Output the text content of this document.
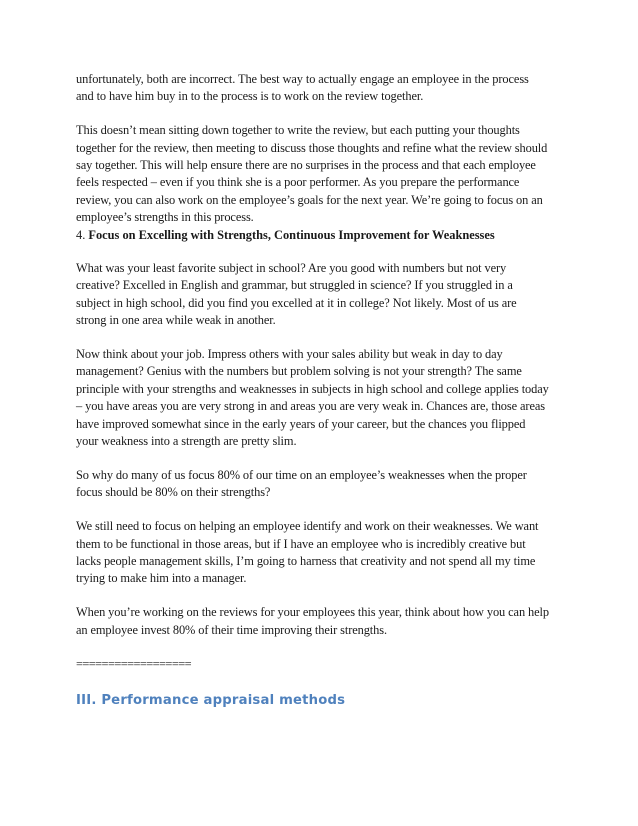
unfortunately, both are incorrect. The best way to actually engage an employee in the process
and to have him buy in to the process is to work on the review together.
This doesn’t mean sitting down together to write the review, but each putting your thoughts
together for the review, then meeting to discuss those thoughts and refine what the review should
say together. This will help ensure there are no surprises in the process and that each employee
feels respected – even if you think she is a poor performer. As you prepare the performance
review, you can also work on the employee’s goals for the next year. We’re going to focus on an
employee’s strengths in this process.
4. Focus on Excelling with Strengths, Continuous Improvement for Weaknesses
What was your least favorite subject in school? Are you good with numbers but not very
creative? Excelled in English and grammar, but struggled in science? If you struggled in a
subject in high school, did you find you excelled at it in college? Not likely. Most of us are
strong in one area while weak in another.
Now think about your job. Impress others with your sales ability but weak in day to day
management? Genius with the numbers but problem solving is not your strength? The same
principle with your strengths and weaknesses in subjects in high school and college applies today
– you have areas you are very strong in and areas you are very weak in. Chances are, those areas
have improved somewhat since in the early years of your career, but the chances you flipped
your weakness into a strength are pretty slim.
So why do many of us focus 80% of our time on an employee’s weaknesses when the proper
focus should be 80% on their strengths?
We still need to focus on helping an employee identify and work on their weaknesses. We want
them to be functional in those areas, but if I have an employee who is incredibly creative but
lacks people management skills, I’m going to harness that creativity and not spend all my time
trying to make him into a manager.
When you’re working on the reviews for your employees this year, think about how you can help
an employee invest 80% of their time improving their strengths.
==================
III. Performance appraisal methods
